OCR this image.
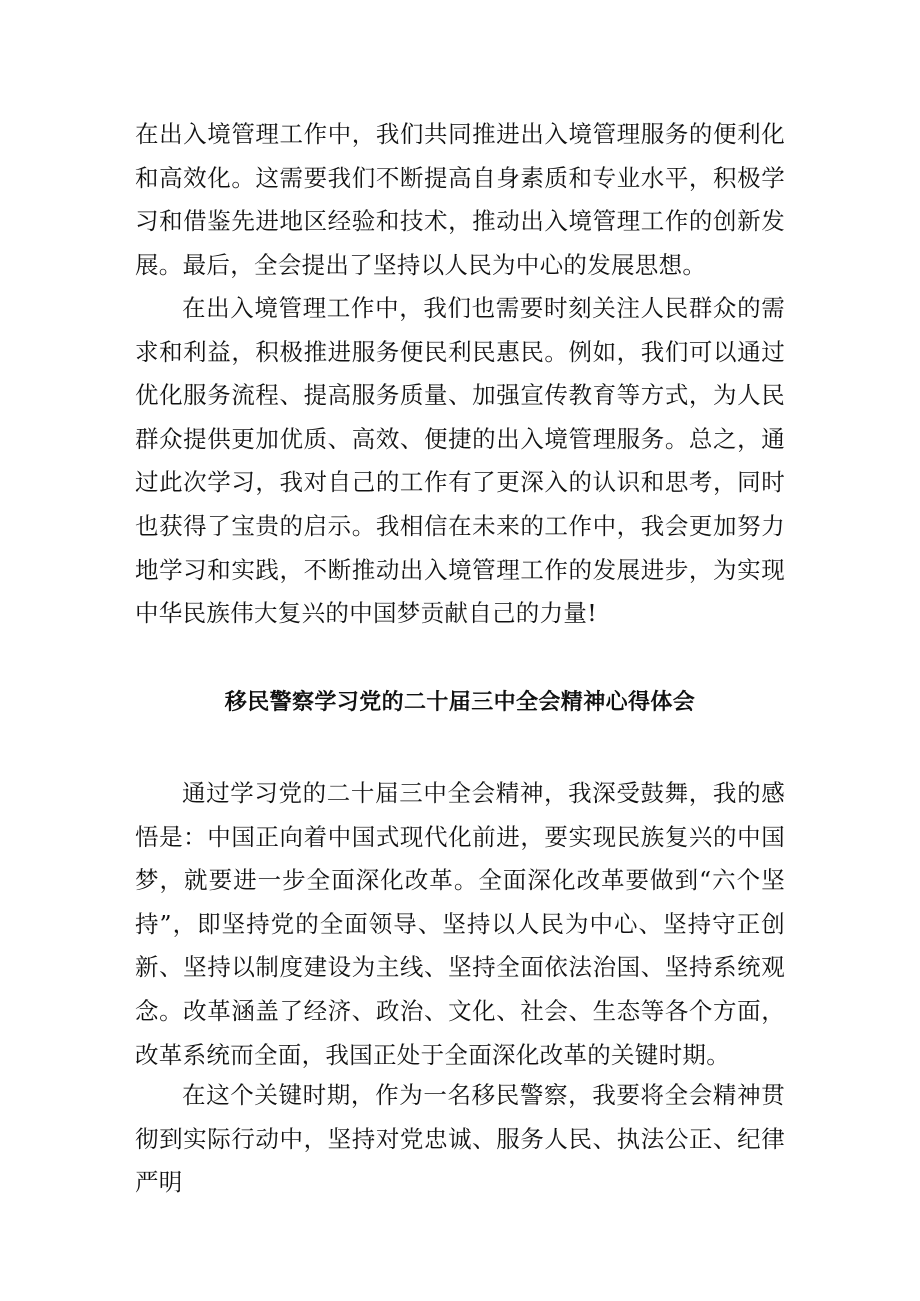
在出入境管理工作中，我们共同推进出入境管理服务的便利化和高效化。这需要我们不断提高自身素质和专业水平，积极学习和借鉴先进地区经验和技术，推动出入境管理工作的创新发展。最后，全会提出了坚持以人民为中心的发展思想。

在出入境管理工作中，我们也需要时刻关注人民群众的需求和利益，积极推进服务便民利民惠民。例如，我们可以通过优化服务流程、提高服务质量、加强宣传教育等方式，为人民群众提供更加优质、高效、便捷的出入境管理服务。总之，通过此次学习，我对自己的工作有了更深入的认识和思考，同时也获得了宝贵的启示。我相信在未来的工作中，我会更加努力地学习和实践，不断推动出入境管理工作的发展进步，为实现中华民族伟大复兴的中国梦贡献自己的力量!

移民警察学习党的二十届三中全会精神心得体会

通过学习党的二十届三中全会精神，我深受鼓舞，我的感悟是：中国正向着中国式现代化前进，要实现民族复兴的中国梦，就要进一步全面深化改革。全面深化改革要做到“六个坚持”，即坚持党的全面领导、坚持以人民为中心、坚持守正创新、坚持以制度建设为主线、坚持全面依法治国、坚持系统观念。改革涵盖了经济、政治、文化、社会、生态等各个方面，改革系统而全面，我国正处于全面深化改革的关键时期。

在这个关键时期，作为一名移民警察，我要将全会精神贯彻到实际行动中，坚持对党忠诚、服务人民、执法公正、纪律严明
